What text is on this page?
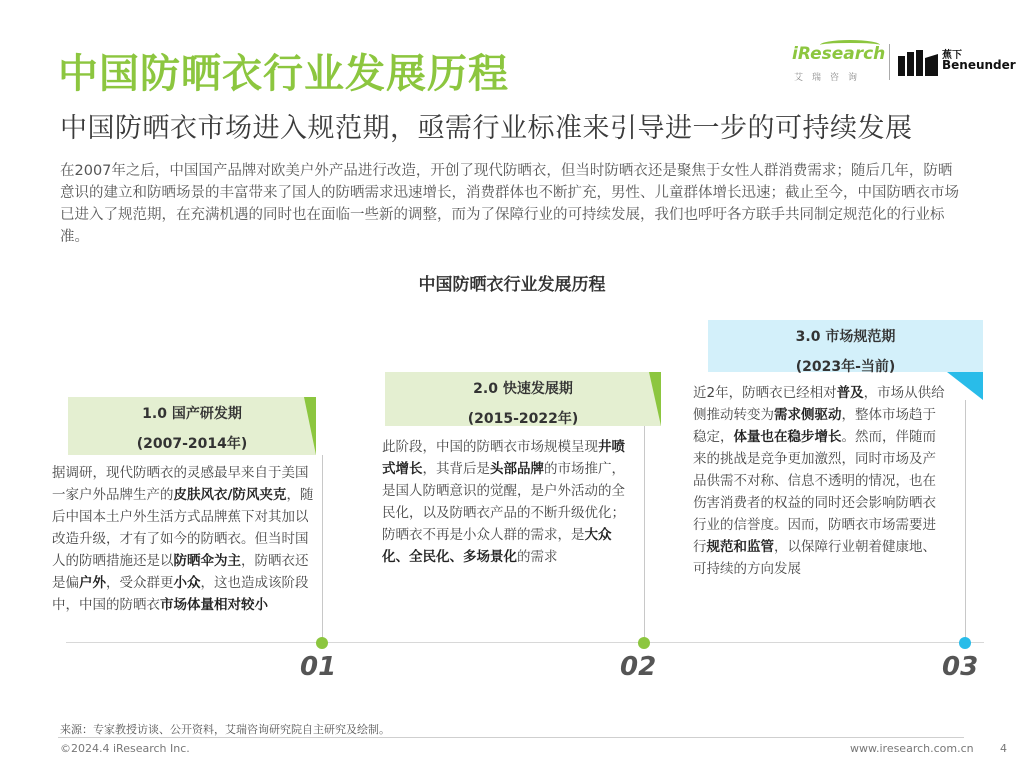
中国防晒衣行业发展历程
中国防晒衣市场进入规范期，亟需行业标准来引导进一步的可持续发展
iResearch
艾瑞咨询
蕉下
Beneunder
在2007年之后，中国国产品牌对欧美户外产品进行改造，开创了现代防晒衣，但当时防晒衣还是聚焦于女性人群消费需求；随后几年，防晒意识的建立和防晒场景的丰富带来了国人的防晒需求迅速增长，消费群体也不断扩充，男性、儿童群体增长迅速；截止至今，中国防晒衣市场已进入了规范期，在充满机遇的同时也在面临一些新的调整，而为了保障行业的可持续发展，我们也呼吁各方联手共同制定规范化的行业标准。
中国防晒衣行业发展历程
1.0 国产研发期
(2007-2014年)
据调研，现代防晒衣的灵感最早来自于美国一家户外品牌生产的皮肤风衣/防风夹克，随后中国本土户外生活方式品牌蕉下对其加以改造升级，才有了如今的防晒衣。但当时国人的防晒措施还是以防晒伞为主，防晒衣还是偏户外，受众群更小众，这也造成该阶段中，中国的防晒衣市场体量相对较小
2.0 快速发展期
(2015-2022年)
此阶段，中国的防晒衣市场规模呈现井喷式增长，其背后是头部品牌的市场推广，是国人防晒意识的觉醒，是户外活动的全民化，以及防晒衣产品的不断升级优化；防晒衣不再是小众人群的需求，是大众化、全民化、多场景化的需求
3.0 市场规范期
(2023年-当前)
近2年，防晒衣已经相对普及，市场从供给侧推动转变为需求侧驱动，整体市场趋于稳定，体量也在稳步增长。然而，伴随而来的挑战是竞争更加激烈，同时市场及产品供需不对称、信息不透明的情况，也在伤害消费者的权益的同时还会影响防晒衣行业的信誉度。因而，防晒衣市场需要进行规范和监管，以保障行业朝着健康地、可持续的方向发展
01	02	03
来源：专家教授访谈、公开资料，艾瑞咨询研究院自主研究及绘制。
©2024.4 iResearch Inc.	www.iresearch.com.cn 4
